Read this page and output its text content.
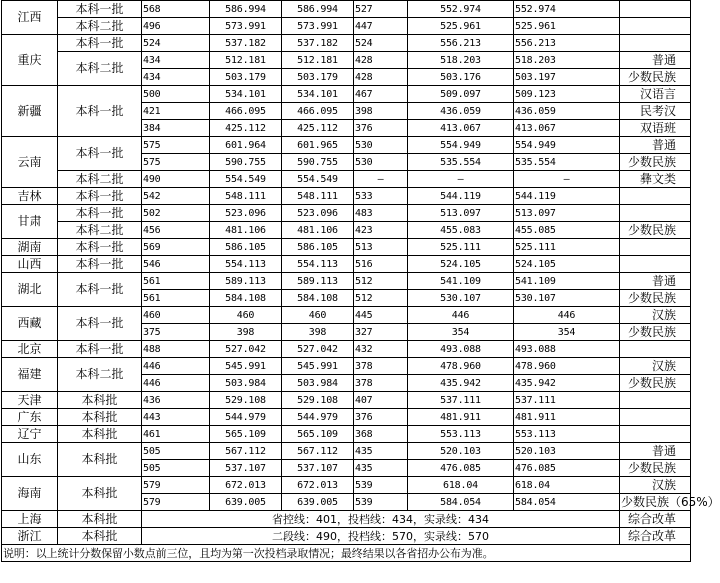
江西	本科一批	568	586.994	586.994	527	552.974	552.974	
	本科二批	496	573.991	573.991	447	525.961	525.961	
重庆	本科一批	524	537.182	537.182	524	556.213	556.213	
	本科二批	434	512.181	512.181	428	518.203	518.203	普通
		434	503.179	503.179	428	503.176	503.197	少数民族
新疆	本科一批	500	534.101	534.101	467	509.097	509.123	汉语言
		421	466.095	466.095	398	436.059	436.059	民考汉
		384	425.112	425.112	376	413.067	413.067	双语班
云南	本科一批	575	601.964	601.965	530	554.949	554.949	普通
		575	590.755	590.755	530	535.554	535.554	少数民族
	本科二批	490	554.549	554.549	—	—	—	彝文类
吉林	本科一批	542	548.111	548.111	533	544.119	544.119	
甘肃	本科一批	502	523.096	523.096	483	513.097	513.097	
	本科二批	456	481.106	481.106	423	455.083	455.085	少数民族
湖南	本科一批	569	586.105	586.105	513	525.111	525.111	
山西	本科一批	546	554.113	554.113	516	524.105	524.105	
湖北	本科一批	561	589.113	589.113	512	541.109	541.109	普通
		561	584.108	584.108	512	530.107	530.107	少数民族
西藏	本科一批	460	460	460	445	446	446	汉族
		375	398	398	327	354	354	少数民族
北京	本科一批	488	527.042	527.042	432	493.088	493.088	
福建	本科二批	446	545.991	545.991	378	478.960	478.960	汉族
		446	503.984	503.984	378	435.942	435.942	少数民族
天津	本科批	436	529.108	529.108	407	537.111	537.111	
广东	本科批	443	544.979	544.979	376	481.911	481.911	
辽宁	本科批	461	565.109	565.109	368	553.113	553.113	
山东	本科批	505	567.112	567.112	435	520.103	520.103	普通
		505	537.107	537.107	435	476.085	476.085	少数民族
海南	本科批	579	672.013	672.013	539	618.04	618.04	汉族
		579	639.005	639.005	539	584.054	584.054	少数民族（65%）
上海	本科批	省控线：401，投档线：434，实录线：434						综合改革
浙江	本科批	二段线：490，投档线：570，实录线：570						综合改革
说明：以上统计分数保留小数点前三位，且均为第一次投档录取情况；最终结果以各省招办公布为准。								
